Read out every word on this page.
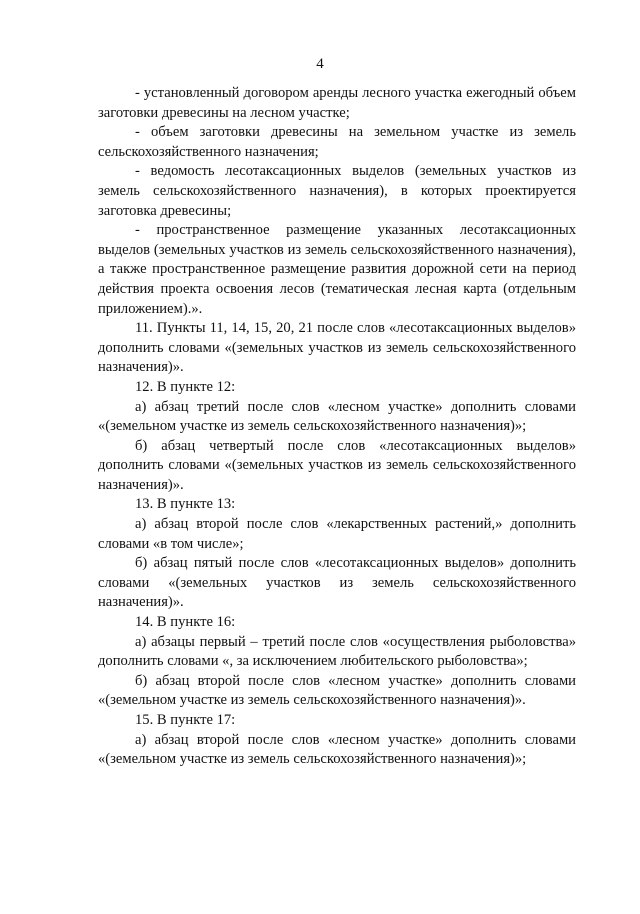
4

- установленный договором аренды лесного участка ежегодный объем заготовки древесины на лесном участке;

- объем заготовки древесины на земельном участке из земель сельскохозяйственного назначения;

- ведомость лесотаксационных выделов (земельных участков из земель сельскохозяйственного назначения), в которых проектируется заготовка древесины;

- пространственное размещение указанных лесотаксационных выделов (земельных участков из земель сельскохозяйственного назначения), а также пространственное размещение развития дорожной сети на период действия проекта освоения лесов (тематическая лесная карта (отдельным приложением).».

11. Пункты 11, 14, 15, 20, 21 после слов «лесотаксационных выделов» дополнить словами «(земельных участков из земель сельскохозяйственного назначения)».

12. В пункте 12:

а) абзац третий после слов «лесном участке» дополнить словами «(земельном участке из земель сельскохозяйственного назначения)»;

б) абзац четвертый после слов «лесотаксационных выделов» дополнить словами «(земельных участков из земель сельскохозяйственного назначения)».

13. В пункте 13:

а) абзац второй после слов «лекарственных растений,» дополнить словами «в том числе»;

б) абзац пятый после слов «лесотаксационных выделов» дополнить словами «(земельных участков из земель сельскохозяйственного назначения)».

14. В пункте 16:

а) абзацы первый – третий после слов «осуществления рыболовства» дополнить словами «, за исключением любительского рыболовства»;

б) абзац второй после слов «лесном участке» дополнить словами «(земельном участке из земель сельскохозяйственного назначения)».

15. В пункте 17:

а) абзац второй после слов «лесном участке» дополнить словами «(земельном участке из земель сельскохозяйственного назначения)»;
